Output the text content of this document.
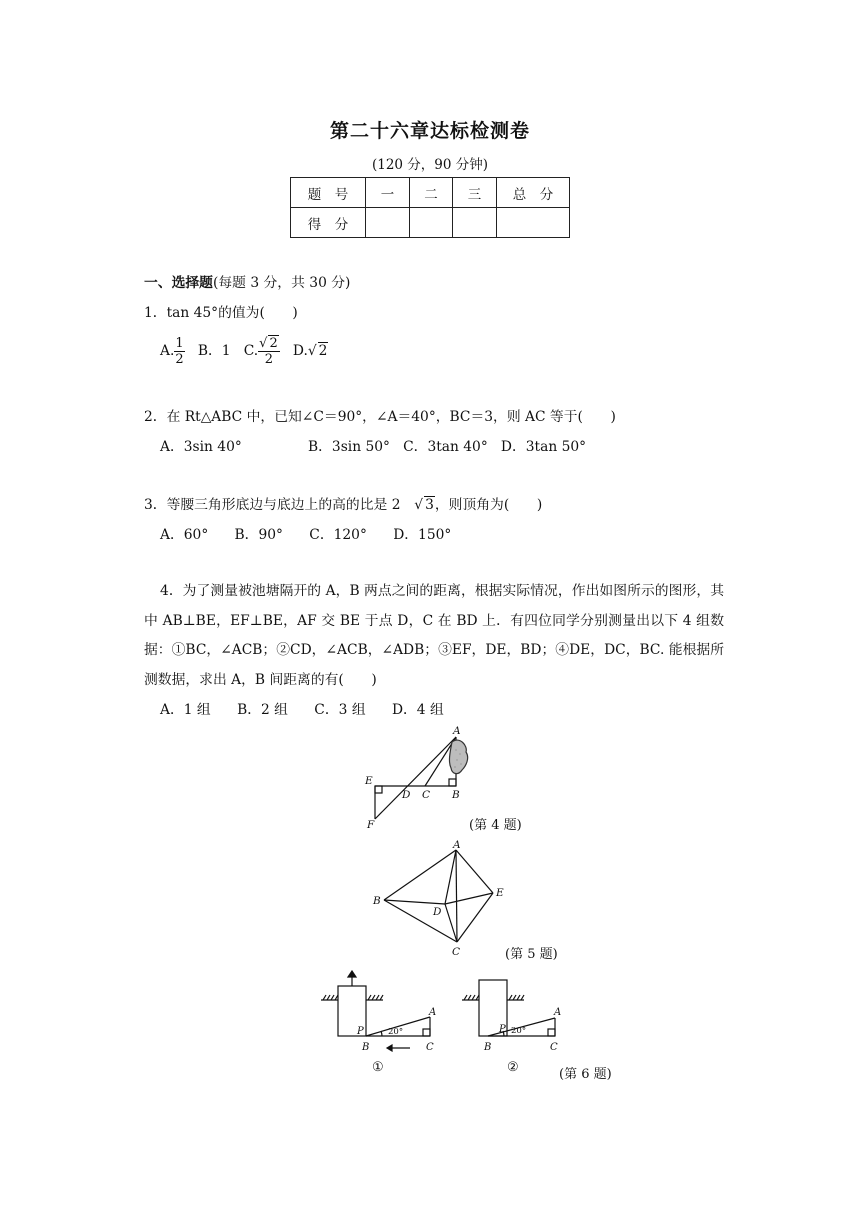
第二十六章达标检测卷
(120 分，90 分钟)
题　号	一	二	三	总　分
得　分				
一、选择题(每题 3 分，共 30 分)
1．tan 45°的值为(　　)
A. $\frac{1}{2}$ B．1 C. $\frac{√ 2}{2} D.√$ 2
2．在 Rt△ABC 中，已知∠C＝90°，∠A＝40°，BC＝3，则 AC 等于(　　)
A．3sin 40°	B．3sin 50° C．3tan 40° D．3tan 50°
3．等腰三角形底边与底边上的高的比是 2　√ 3，则顶角为(　　)
A．60° B．90° C．120° D．150°
4．为了测量被池塘隔开的 A，B 两点之间的距离，根据实际情况，作出如图所示的图形，其中 AB⊥BE，EF⊥BE，AF 交 BE 于点 D，C 在 BD 上．有四位同学分别测量出以下 4 组数据：①BC，∠ACB；②CD，∠ACB，∠ADB；③EF，DE，BD；④DE，DC，BC. 能根据所测数据，求出 A，B 间距离的有(　　)
A．1 组 B．2 组 C．3 组 D．4 组
A
B
C
D
E
F	(第 4 题)
A
B
C
D
E
(第 5 题)
P
B
A
C
P
B
A
C
20°	20°
①	②	(第 6 题)
